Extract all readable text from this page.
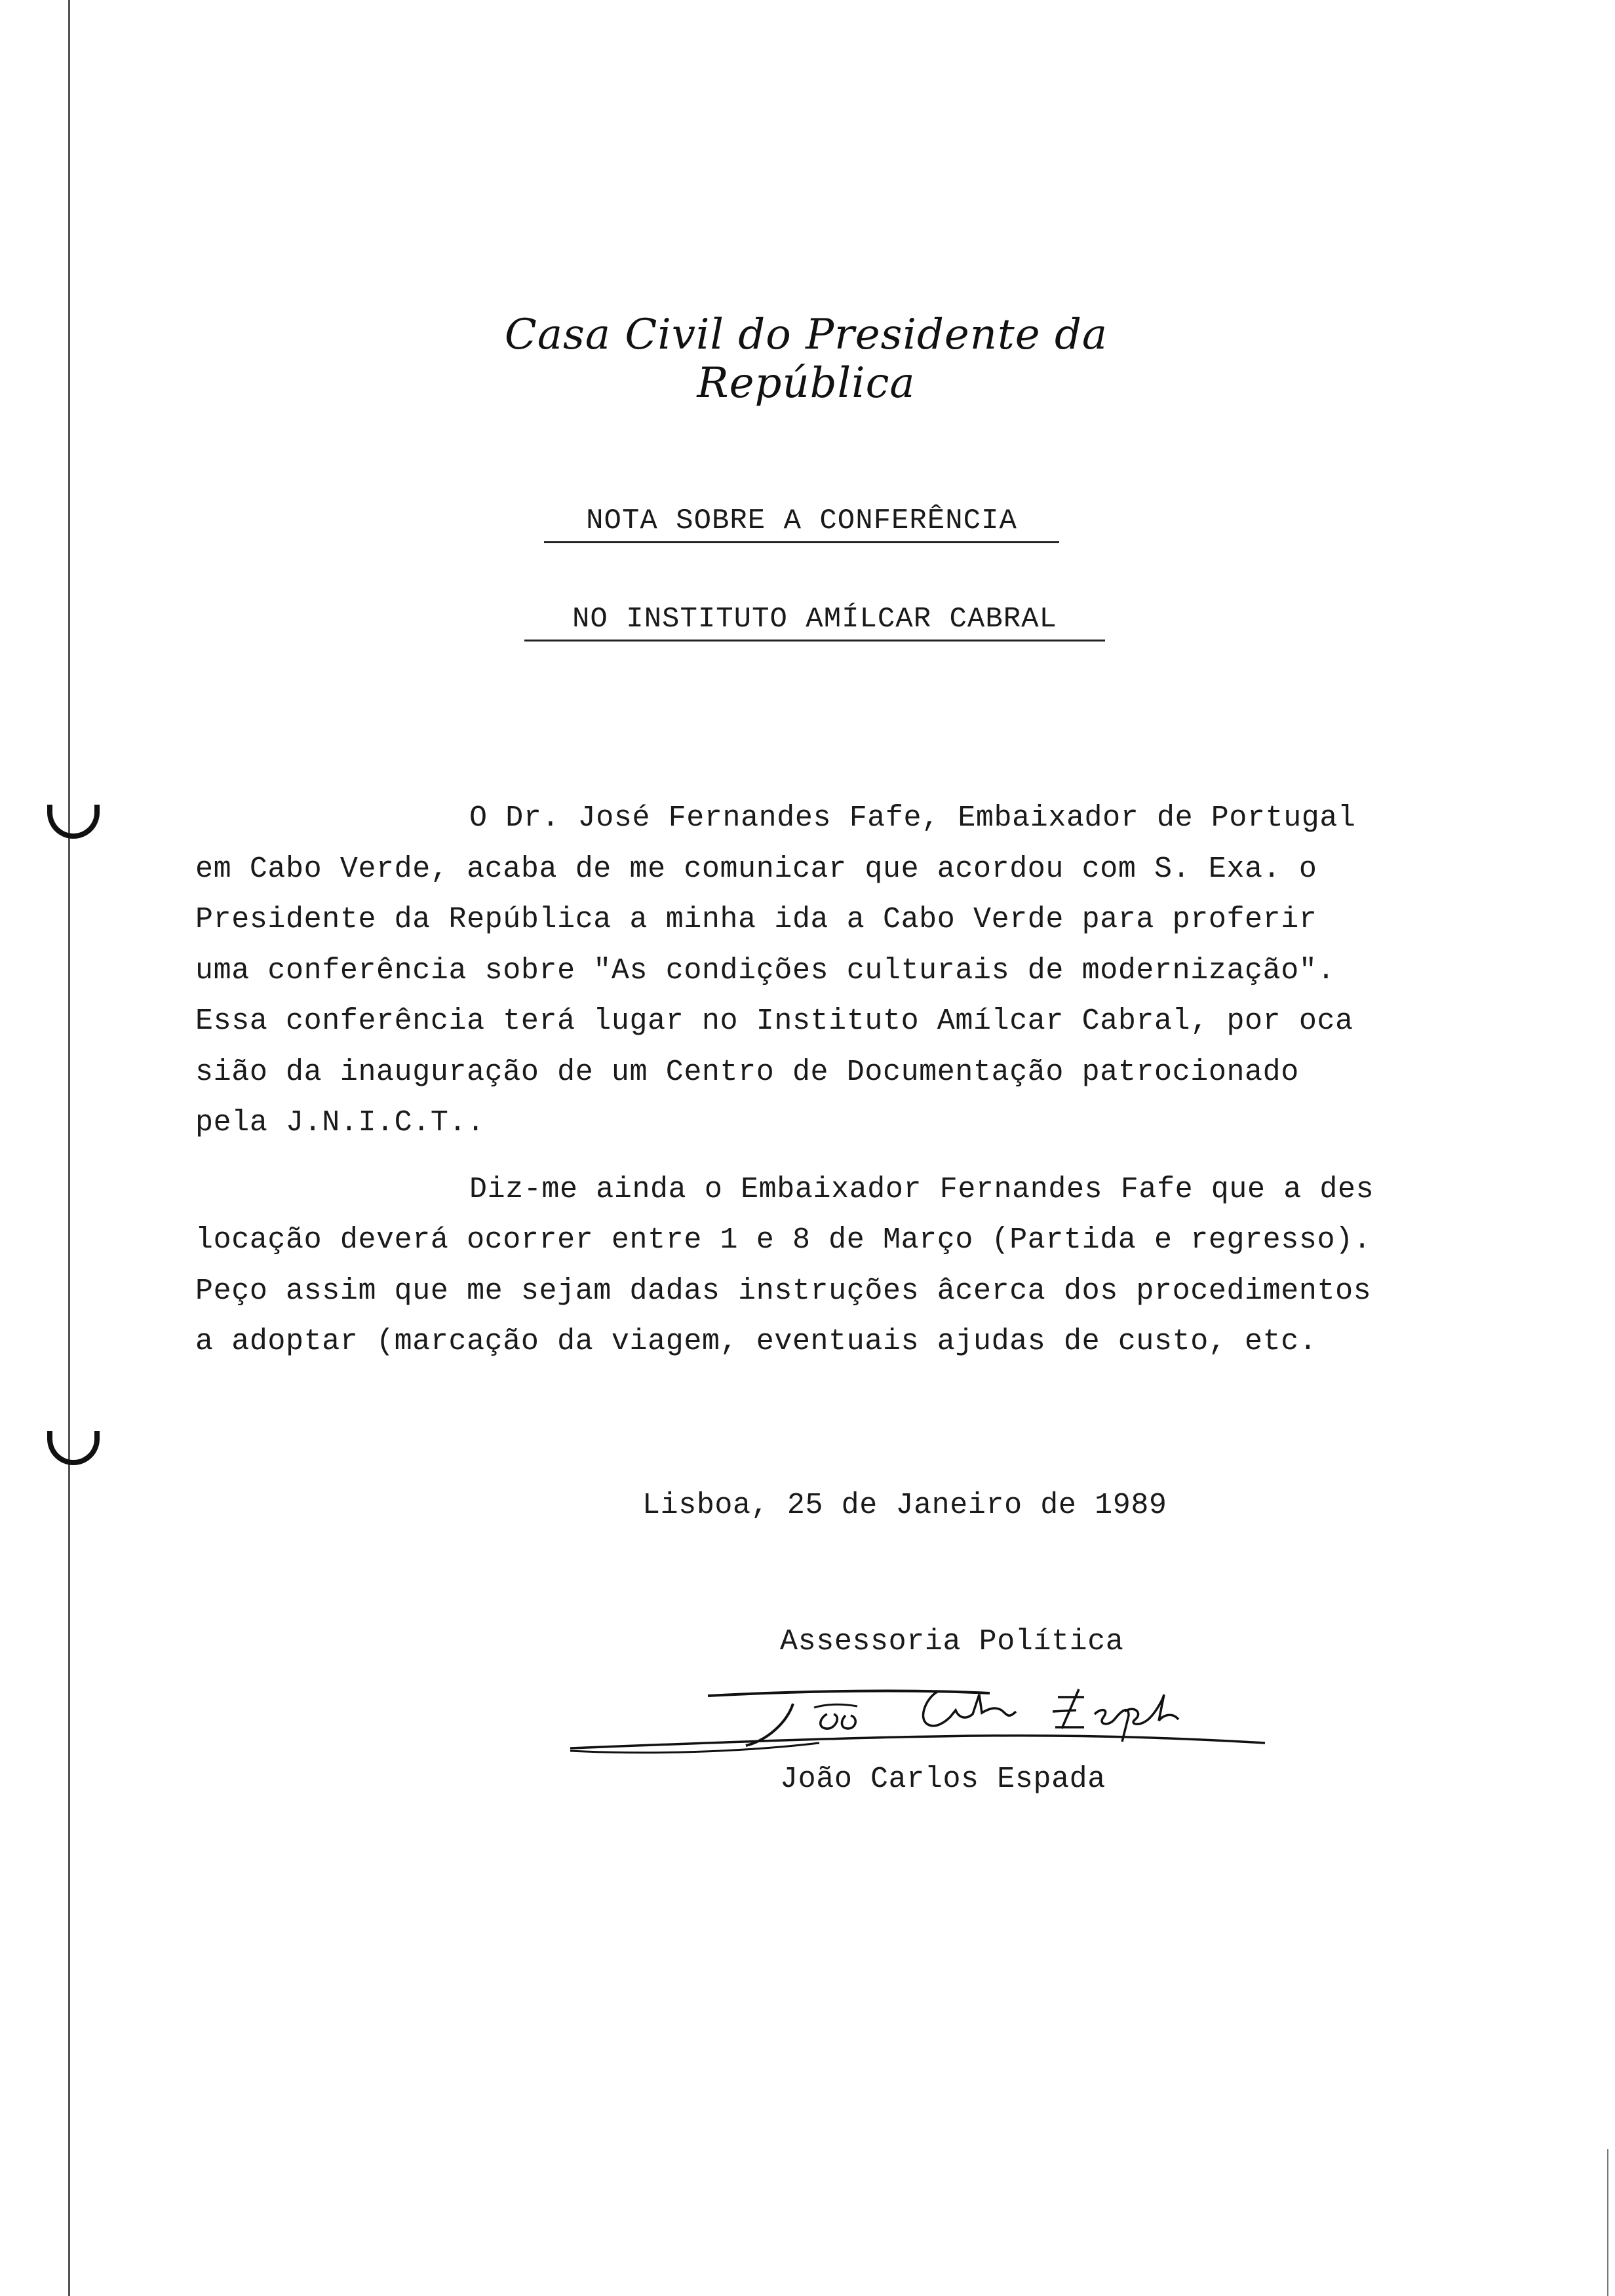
Casa Civil do Presidente da República
NOTA SOBRE A CONFERÊNCIA
NO INSTITUTO AMÍLCAR CABRAL
O Dr. José Fernandes Fafe, Embaixador de Portugal
em Cabo Verde, acaba de me comunicar que acordou com S. Exa. o
Presidente da República a minha ida a Cabo Verde para proferir
uma conferência sobre "As condições culturais de modernização".
Essa conferência terá lugar no Instituto Amílcar Cabral, por oca
sião da inauguração de um Centro de Documentação patrocionado
pela J.N.I.C.T..
Diz-me ainda o Embaixador Fernandes Fafe que a des
locação deverá ocorrer entre 1 e 8 de Março (Partida e regresso).
Peço assim que me sejam dadas instruções âcerca dos procedimentos
a adoptar (marcação da viagem, eventuais ajudas de custo, etc.
Lisboa, 25 de Janeiro de 1989
Assessoria Política
João Carlos Espada
